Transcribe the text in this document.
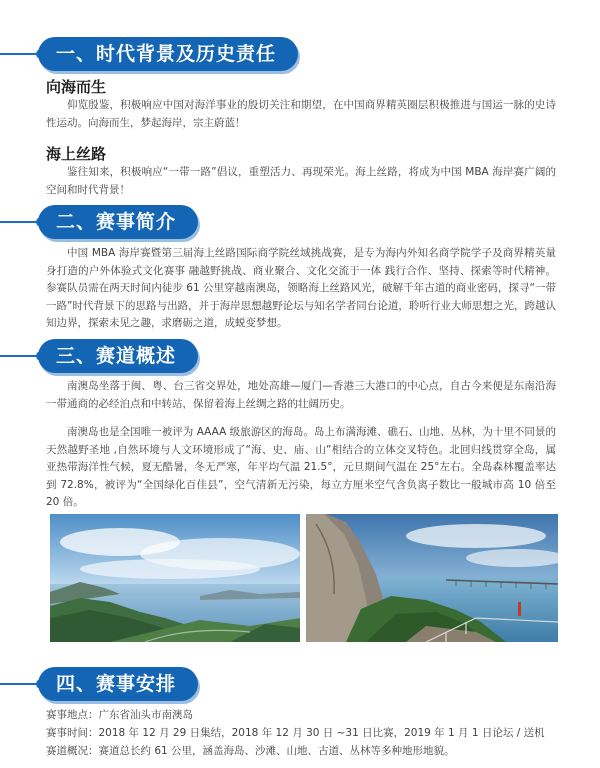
一、时代背景及历史责任
向海而生

仰览殷鉴，积极响应中国对海洋事业的殷切关注和期望，在中国商界精英圈层积极推进与国运一脉的史诗性运动。向海而生，梦起海岸，宗主蔚蓝！

海上丝路

鉴往知来，积极响应“一带一路”倡议，重塑活力、再现荣光。海上丝路，将成为中国 MBA 海岸赛广阔的空间和时代背景！

二、赛事简介

中国 MBA 海岸赛暨第三届海上丝路国际商学院丝域挑战赛，是专为海内外知名商学院学子及商界精英量身打造的户外体验式文化赛事 融越野挑战、商业聚合、文化交流于一体 践行合作、坚持、探索等时代精神。参赛队员需在两天时间内徒步 61 公里穿越南澳岛，领略海上丝路风光，破解千年古道的商业密码，探寻“一带一路”时代背景下的思路与出路，并于海岸思想越野论坛与知名学者同台论道，聆听行业大师思想之光，跨越认知边界，探索未见之趣，求磨砺之道，成蜕变梦想。

三、赛道概述

南澳岛坐落于闽、粤、台三省交界处，地处高雄—厦门—香港三大港口的中心点，自古今来便是东南沿海一带通商的必经泊点和中转站，保留着海上丝绸之路的壮阔历史。

南澳岛也是全国唯一被评为 AAAA 级旅游区的海岛。岛上布满海滩、礁石、山地、丛林，为十里不同景的天然越野圣地 ,自然环境与人文环境形成了“海、史、庙、山”相结合的立体交叉特色。北回归线贯穿全岛，属亚热带海洋性气候，夏无酷暑，冬无严寒，年平均气温 21.5°，元旦期间气温在 25°左右。全岛森林覆盖率达到 72.8%，被评为“全国绿化百佳县”，空气清新无污染，每立方厘米空气含负离子数比一般城市高 10 倍至 20 倍。

四、赛事安排
赛事地点：广东省汕头市南澳岛
赛事时间：2018 年 12 月 29 日集结，2018 年 12 月 30 日 ~31 日比赛，2019 年 1 月 1 日论坛 / 送机
赛道概况：赛道总长约 61 公里，涵盖海岛、沙滩、山地、古道、丛林等多种地形地貌。
